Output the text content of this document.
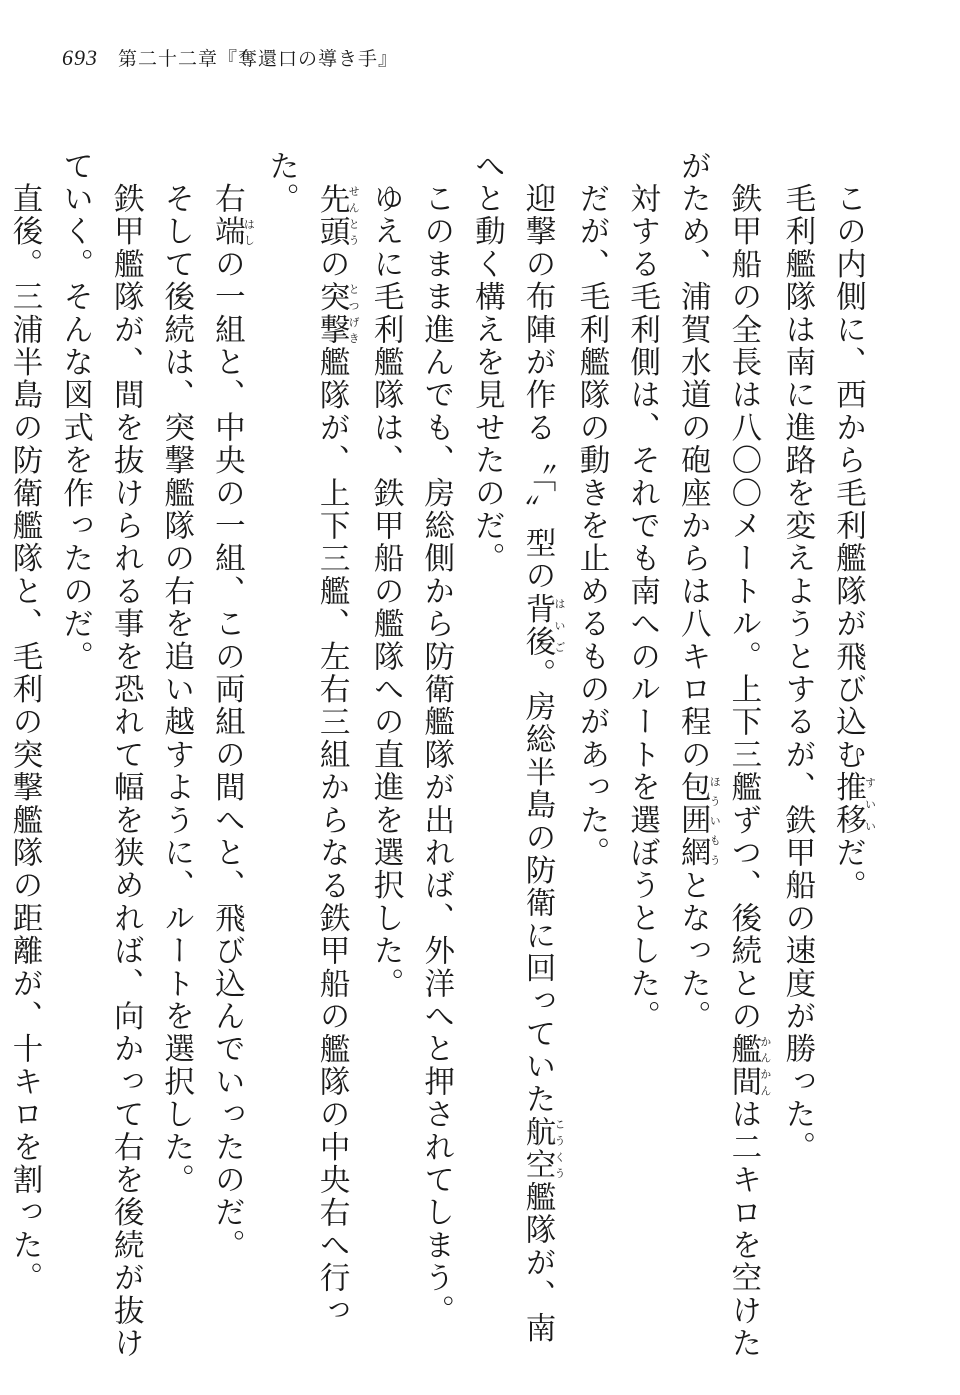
693 第二十二章『奪還口の導き手』

　この内側に、西から毛利艦隊が飛び込む推移すいいだ。

　毛利艦隊は南に進路を変えようとするが、鉄甲船の速度が勝った。

　鉄甲船の全長は八〇〇メートル。上下三艦ずつ、後続との艦間かんかんは二キロを空けたがため、浦賀水道の砲座からは八キロ程の包囲網ほういもうとなった。

　対する毛利側は、それでも南へのルートを選ぼうとした。

　だが、毛利艦隊の動きを止めるものがあった。

　迎撃の布陣が作る〝「〟型の背後はいご。房総半島の防衛に回っていた航空こうくう艦隊が、南へと動く構えを見せたのだ。

　このまま進んでも、房総側から防衛艦隊が出れば、外洋へと押されてしまう。

　ゆえに毛利艦隊は、鉄甲船の艦隊への直進を選択した。

　先頭せんとうの突撃とつげき艦隊が、上下三艦、左右三組からなる鉄甲船の艦隊の中央右へ行った。

　右端はしの一組と、中央の一組、この両組の間へと、飛び込んでいったのだ。

　そして後続は、突撃艦隊の右を追い越すように、ルートを選択した。

　鉄甲艦隊が、間を抜けられる事を恐れて幅を狭めれば、向かって右を後続が抜けていく。そんな図式を作ったのだ。

　直後。三浦半島の防衛艦隊と、毛利の突撃艦隊の距離が、十キロを割った。
